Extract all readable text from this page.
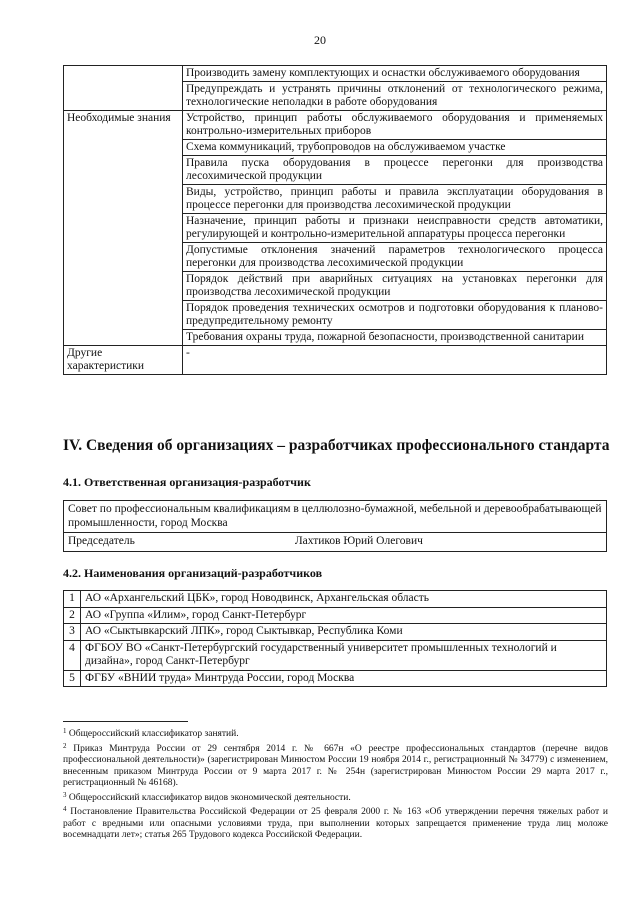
20
	Производить замену комплектующих и оснастки обслуживаемого оборудования
	Предупреждать и устранять причины отклонений от технологического режима, технологические неполадки в работе оборудования
Необходимые знания	Устройство, принцип работы обслуживаемого оборудования и применяемых контрольно-измерительных приборов
	Схема коммуникаций, трубопроводов на обслуживаемом участке
	Правила пуска оборудования в процессе перегонки для производства лесохимической продукции
	Виды, устройство, принцип работы и правила эксплуатации оборудования в процессе перегонки для производства лесохимической продукции
	Назначение, принцип работы и признаки неисправности средств автоматики, регулирующей и контрольно-измерительной аппаратуры процесса перегонки
	Допустимые отклонения значений параметров технологического процесса перегонки для производства лесохимической продукции
	Порядок действий при аварийных ситуациях на установках перегонки для производства лесохимической продукции
	Порядок проведения технических осмотров и подготовки оборудования к планово-предупредительному ремонту
	Требования охраны труда, пожарной безопасности, производственной санитарии
Другие характеристики	-
IV. Сведения об организациях – разработчиках профессионального стандарта
4.1. Ответственная организация-разработчик
Совет по профессиональным квалификациям в целлюлозно-бумажной, мебельной и деревообрабатывающей промышленности, город Москва

Председатель	Лахтиков Юрий Олегович
4.2. Наименования организаций-разработчиков
1	АО «Архангельский ЦБК», город Новодвинск, Архангельская область
2	АО «Группа «Илим», город Санкт-Петербург
3	АО «Сыктывкарский ЛПК», город Сыктывкар, Республика Коми
4	ФГБОУ ВО «Санкт-Петербургский государственный университет промышленных технологий и дизайна», город Санкт-Петербург
5	ФГБУ «ВНИИ труда» Минтруда России, город Москва

$^1$ Общероссийский классификатор занятий.

$^2$ Приказ Минтруда России от 29 сентября 2014 г. № 667н «О реестре профессиональных стандартов (перечне видов профессиональной деятельности)» (зарегистрирован Минюстом России 19 ноября 2014 г., регистрационный № 34779) с изменением, внесенным приказом Минтруда России от 9 марта 2017 г. № 254н (зарегистрирован Минюстом России 29 марта 2017 г., регистрационный № 46168).

$^3$ Общероссийский классификатор видов экономической деятельности.

$^4$ Постановление Правительства Российской Федерации от 25 февраля 2000 г. № 163 «Об утверждении перечня тяжелых работ и работ с вредными или опасными условиями труда, при выполнении которых запрещается применение труда лиц моложе восемнадцати лет»; статья 265 Трудового кодекса Российской Федерации.
